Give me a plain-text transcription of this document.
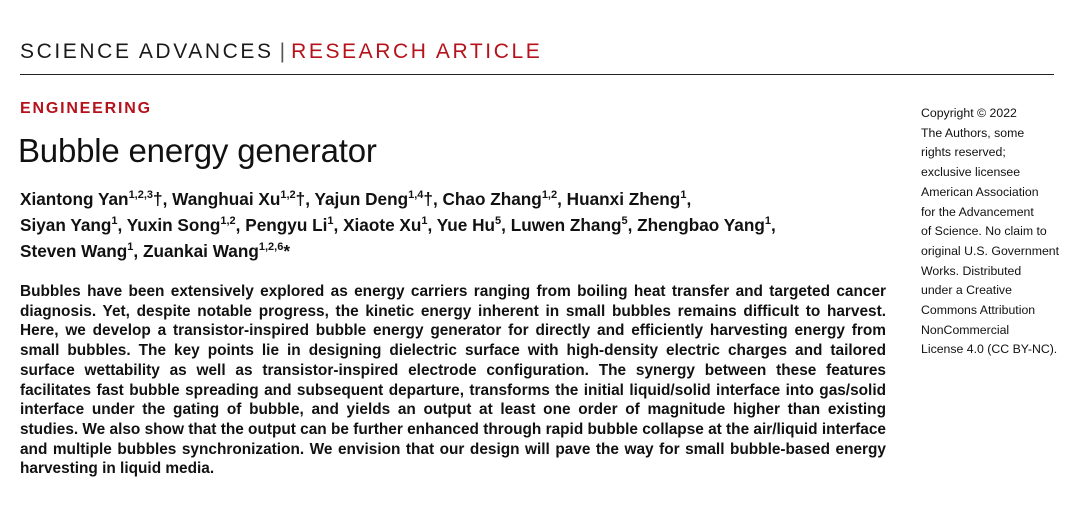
SCIENCE ADVANCES | RESEARCH ARTICLE
ENGINEERING
Bubble energy generator
Xiantong Yan$^{1,2,3}$†, Wanghuai Xu$^{1,2}$†, Yajun Deng$^{1,4}$†, Chao Zhang$^{1,2}$, Huanxi Zheng$^1$,
Siyan Yang$^1$, Yuxin Song$^{1,2}$, Pengyu Li$^1$, Xiaote Xu$^1$, Yue Hu$^5$, Luwen Zhang$^5$, Zhengbao Yang$^1$,
Steven Wang$^1$, Zuankai Wang$^{1,2,6}$*

Bubbles have been extensively explored as energy carriers ranging from boiling heat transfer and targeted cancer diagnosis. Yet, despite notable progress, the kinetic energy inherent in small bubbles remains difficult to harvest. Here, we develop a transistor-inspired bubble energy generator for directly and efficiently harvesting energy from small bubbles. The key points lie in designing dielectric surface with high-density electric charges and tailored surface wettability as well as transistor-inspired electrode configuration. The synergy between these features facilitates fast bubble spreading and subsequent departure, transforms the initial liquid/solid interface into gas/solid interface under the gating of bubble, and yields an output at least one order of magnitude higher than existing studies. We also show that the output can be further enhanced through rapid bubble collapse at the air/liquid interface and multiple bubbles synchronization. We envision that our design will pave the way for small bubble-based energy harvesting in liquid media.

Copyright © 2022
The Authors, some
rights reserved;
exclusive licensee
American Association
for the Advancement
of Science. No claim to
original U.S. Government
Works. Distributed
under a Creative
Commons Attribution
NonCommercial
License 4.0 (CC BY-NC).
